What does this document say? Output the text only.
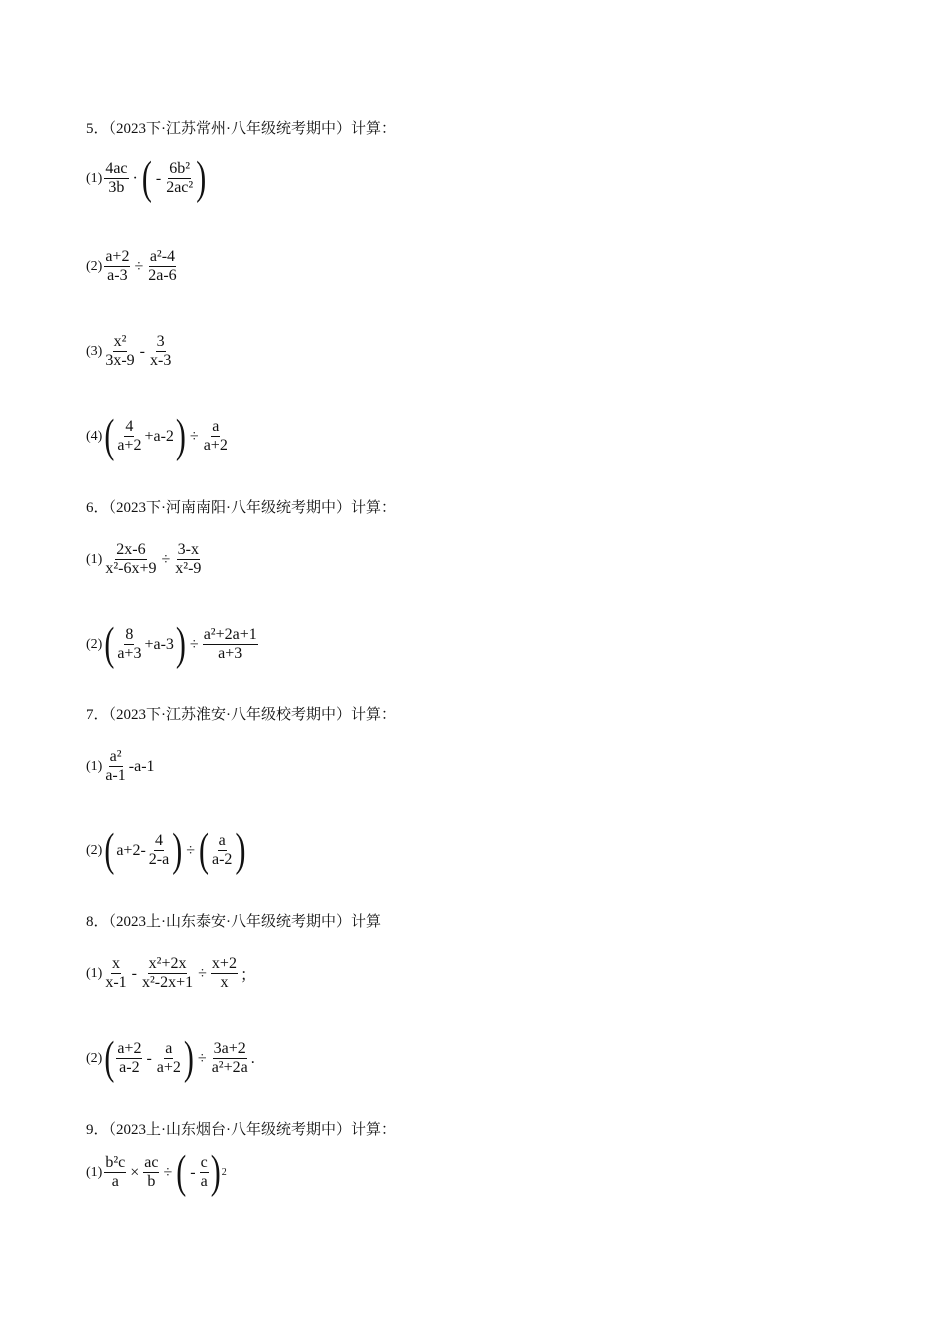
5．（2023下·江苏常州·八年级统考期中）计算：
$(1) \frac{4ac}{3b}$ · ( - $\frac{\text{6b²}}{\text{2ac²}}$ )
$(2) \frac{a+2}{a-3} \div \frac{\text{a²-4}}{2a-6}$
$(3) \frac{\text{x²}}{3x-9} - \frac{3}{x-3}$
(4) ( $\frac{4}{a+2} +a-2$ ) ÷ $\frac{a}{a+2}$
6．（2023下·河南南阳·八年级统考期中）计算：
$(1) \frac{2x-6}{\text{x²-6x+9}} \div \frac{3-x}{\text{x²-9}}$
(2) ( $\frac{8}{a+3} +a-3$ ) ÷ $\frac{\text{a²+2a+1}}{a+3}$
7．（2023下·江苏淮安·八年级校考期中）计算：
$(1) \frac{\text{a²}}{a-1} -a-1$
(2) ( $a+2- \frac{4}{2-a}$ ) ÷ ( $\frac{a}{a-2}$ )
8．（2023上·山东泰安·八年级统考期中）计算
$(1) \frac{x}{x-1} - \frac{\text{x²+2x}}{\text{x²-2x+1}} \div \frac{x+2}{x}$ ；
(2) ( $\frac{a+2}{a-2} - \frac{a}{a+2}$ ) ÷ $\frac{3a+2}{\text{a²+2a}}$ .
9．（2023上·山东烟台·八年级统考期中）计算：
$(1) \frac{\text{b²c}}{a} \times \frac{ac}{b}$ ÷ ( - $\frac{c}{a}$ ) 2
